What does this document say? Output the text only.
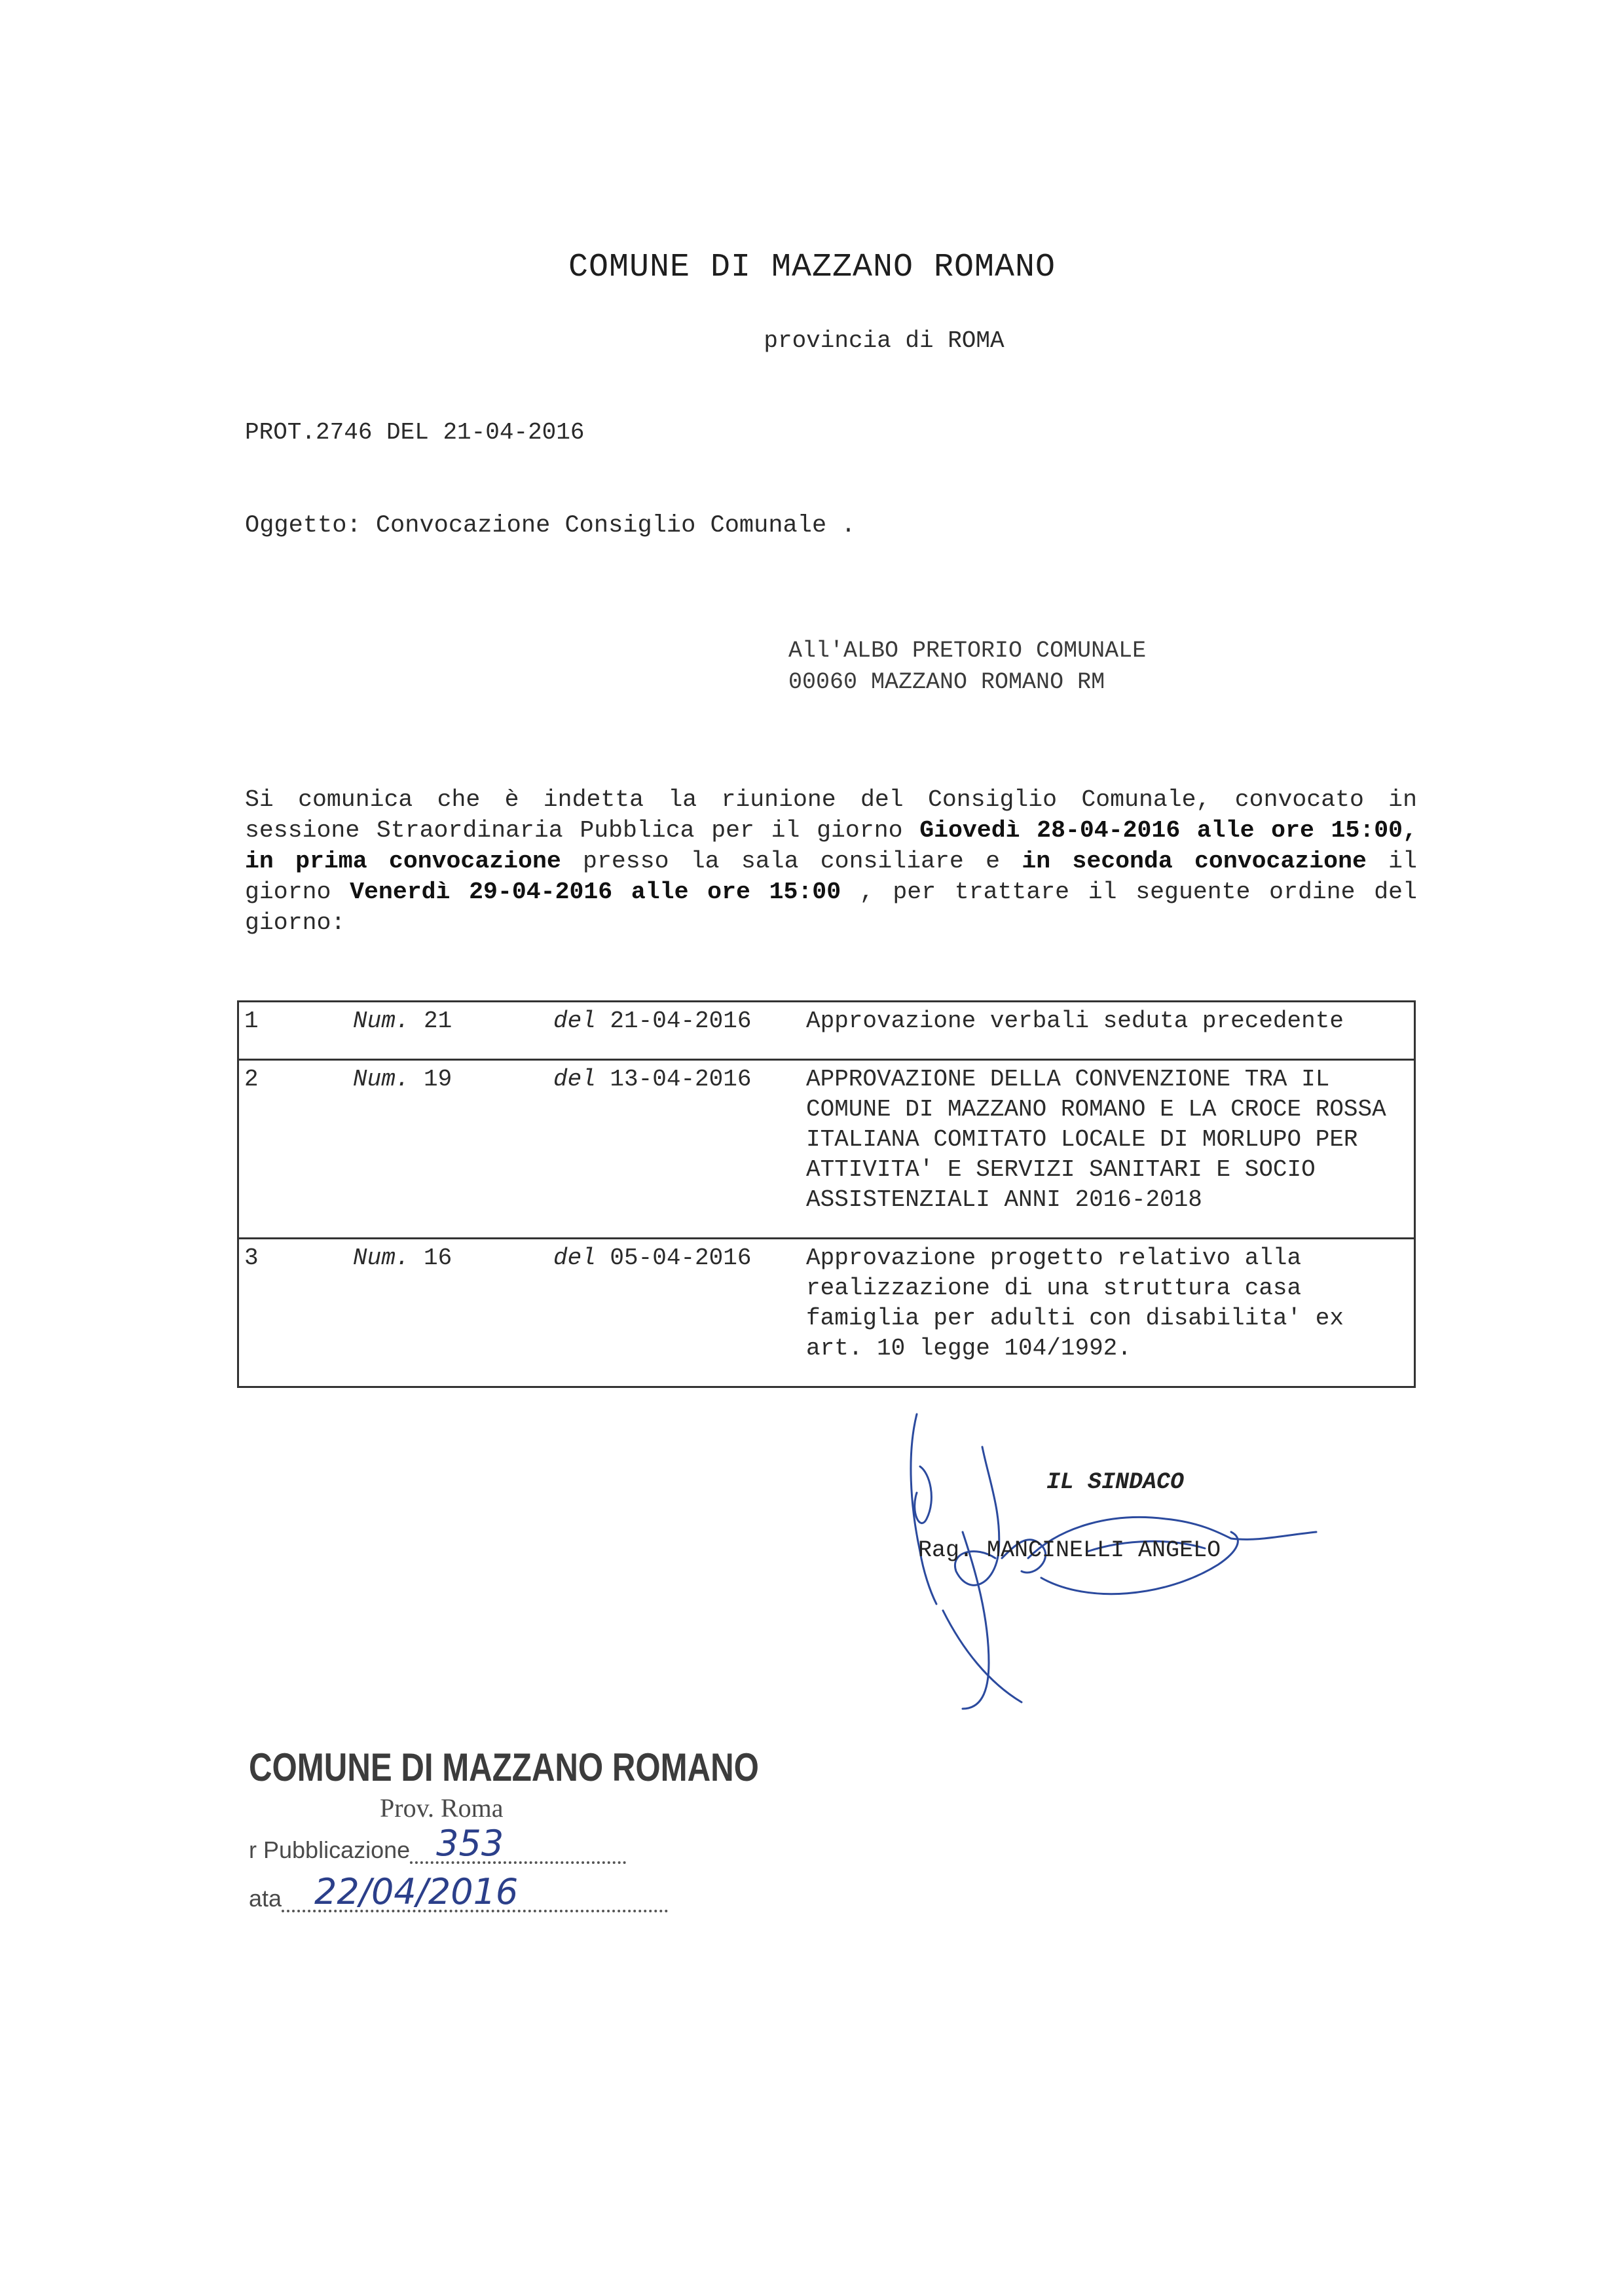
COMUNE DI MAZZANO ROMANO
provincia di ROMA
PROT.2746 DEL 21-04-2016
Oggetto: Convocazione Consiglio Comunale .
All'ALBO PRETORIO COMUNALE
00060 MAZZANO ROMANO RM
Si comunica che è indetta la riunione del Consiglio Comunale, convocato in sessione Straordinaria Pubblica per il giorno Giovedì 28-04-2016 alle ore 15:00, in prima convocazione presso la sala consiliare e in seconda convocazione il giorno Venerdì 29-04-2016 alle ore 15:00 , per trattare il seguente ordine del giorno:
1	Num. 21	del 21-04-2016	Approvazione verbali seduta precedente
2	Num. 19	del 13-04-2016	APPROVAZIONE DELLA CONVENZIONE TRA IL COMUNE DI MAZZANO ROMANO E LA CROCE ROSSA ITALIANA COMITATO LOCALE DI MORLUPO PER ATTIVITA' E SERVIZI SANITARI E SOCIO ASSISTENZIALI ANNI 2016-2018
3	Num. 16	del 05-04-2016	Approvazione progetto relativo alla realizzazione di una struttura casa famiglia per adulti con disabilita' ex art. 10 legge 104/1992.
IL SINDACO
Rag. MANCINELLI ANGELO
COMUNE DI MAZZANO ROMANO
Prov. Roma
r Pubblicazione 353
ata 22/04/2016
